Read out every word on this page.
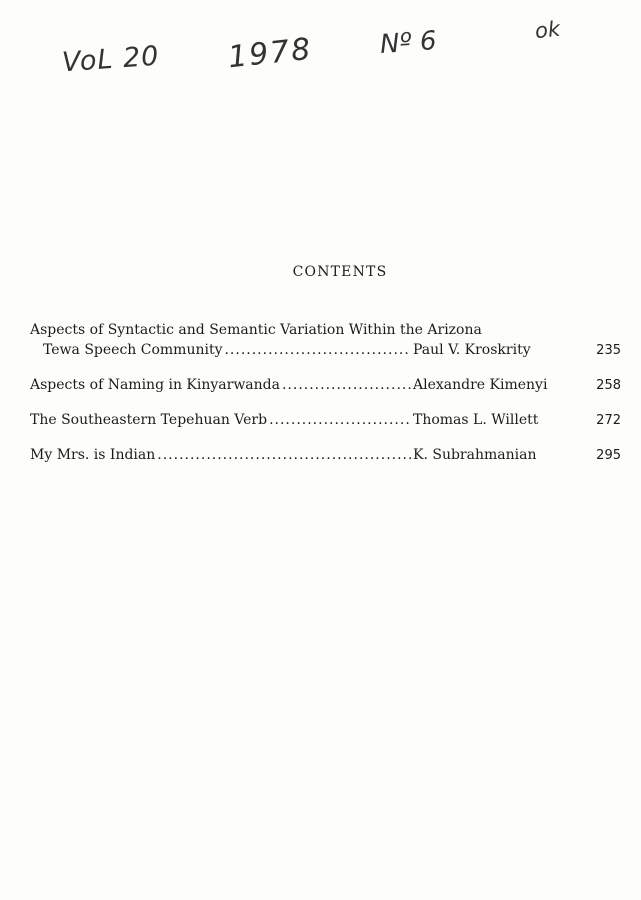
VoL 20 1978	Nº 6	ok
CONTENTS
Aspects of Syntactic and Semantic Variation Within the Arizona
Tewa Speech Community .....	Paul V. Kroskrity	235
Aspects of Naming in Kinyarwanda .....	Alexandre Kimenyi	258
The Southeastern Tepehuan Verb .....	Thomas L. Willett	272
My Mrs. is Indian .....	K. Subrahmanian	295
